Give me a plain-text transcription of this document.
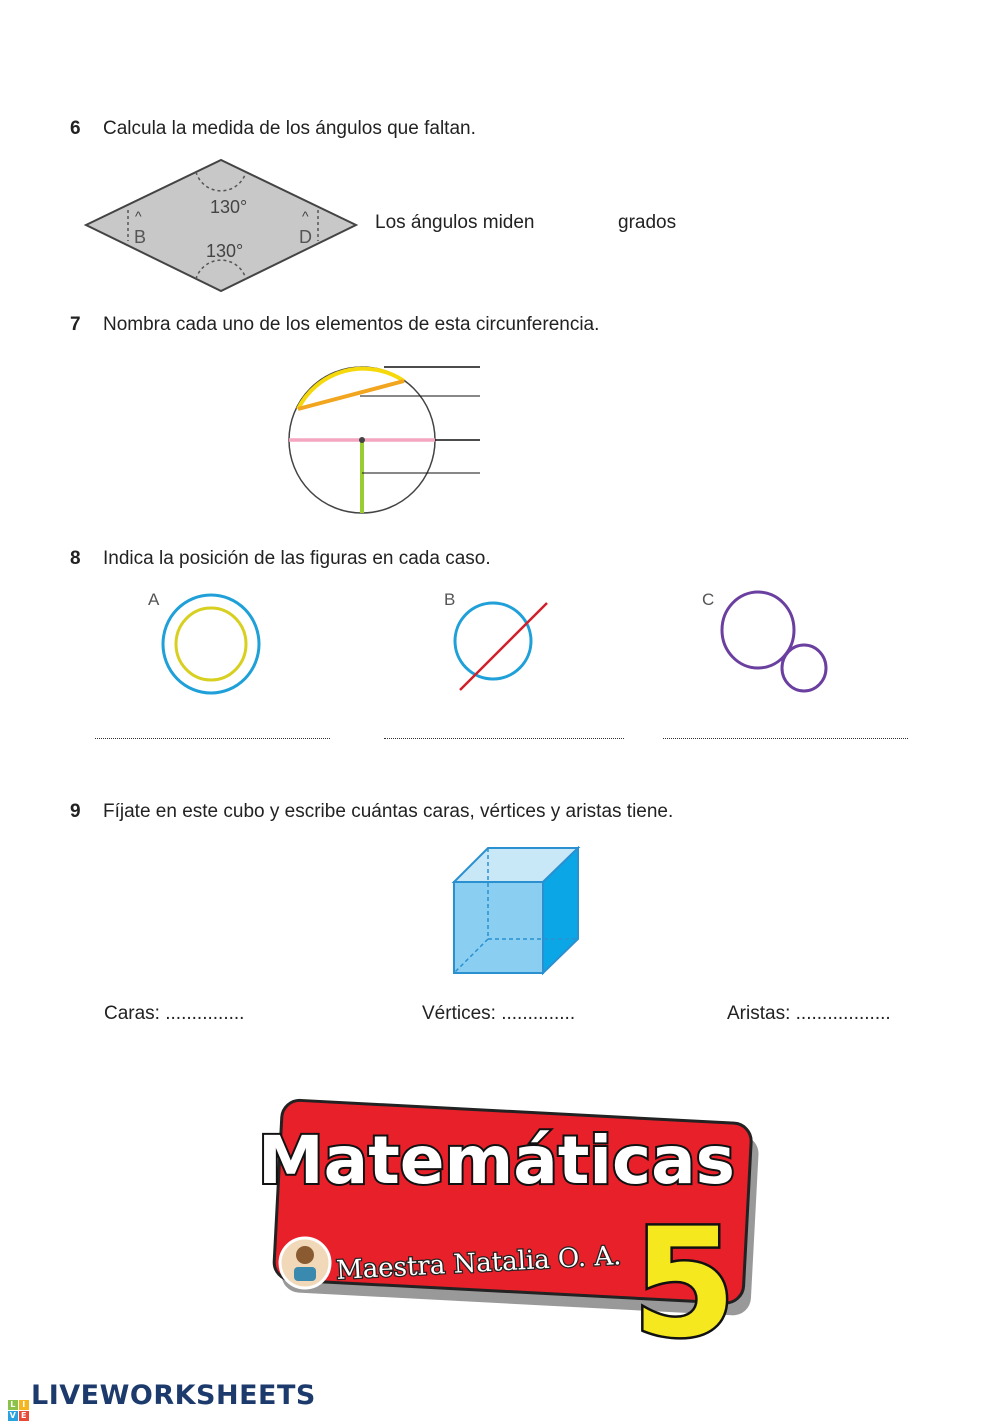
6 Calcula la medida de los ángulos que faltan.
130°
130°
^
B
^
D
Los ángulos miden	grados
7 Nombra cada uno de los elementos de esta circunferencia.
8 Indica la posición de las figuras en cada caso.
A	B	C
9 Fíjate en este cubo y escribe cuántas caras, vértices y aristas tiene.
Caras: ...............	Vértices: ..............	Aristas: ..................
Matemáticas
Maestra Natalia O. A. 5
L I
V E
LIVEWORKSHEETS
